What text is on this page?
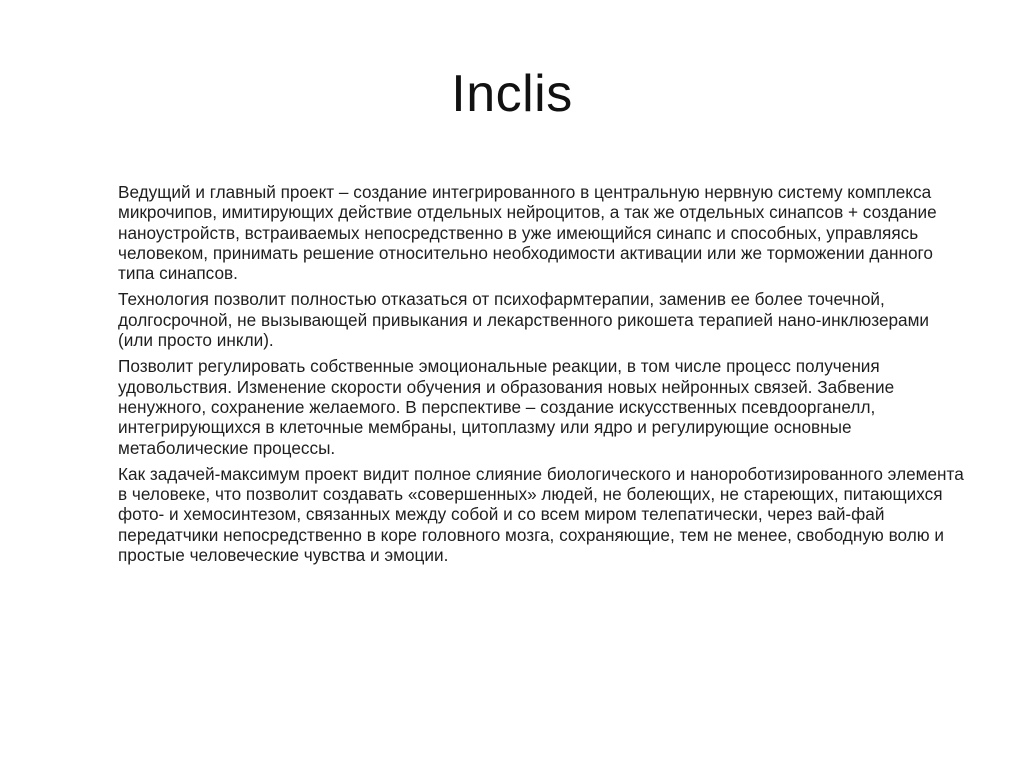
Inclis

Ведущий и главный проект – создание интегрированного в центральную нервную систему комплекса микрочипов, имитирующих действие отдельных нейроцитов, а так же отдельных синапсов + создание наноустройств, встраиваемых непосредственно в уже имеющийся синапс и способных, управляясь человеком, принимать решение относительно необходимости активации или же торможении данного типа синапсов.

Технология позволит полностью отказаться от психофармтерапии, заменив ее более точечной, долгосрочной, не вызывающей привыкания и лекарственного рикошета терапией нано-инклюзерами (или просто инкли).

Позволит регулировать собственные эмоциональные реакции, в том числе процесс получения удовольствия. Изменение скорости обучения и образования новых нейронных связей. Забвение ненужного, сохранение желаемого. В перспективе – создание искусственных псевдоорганелл, интегрирующихся в клеточные мембраны, цитоплазму или ядро и регулирующие основные метаболические процессы.

Как задачей-максимум проект видит полное слияние биологического и нанороботизированного элемента в человеке, что позволит создавать «совершенных» людей, не болеющих, не стареющих, питающихся фото- и хемосинтезом, связанных между собой и со всем миром телепатически, через вай-фай передатчики непосредственно в коре головного мозга, сохраняющие, тем не менее, свободную волю и простые человеческие чувства и эмоции.
